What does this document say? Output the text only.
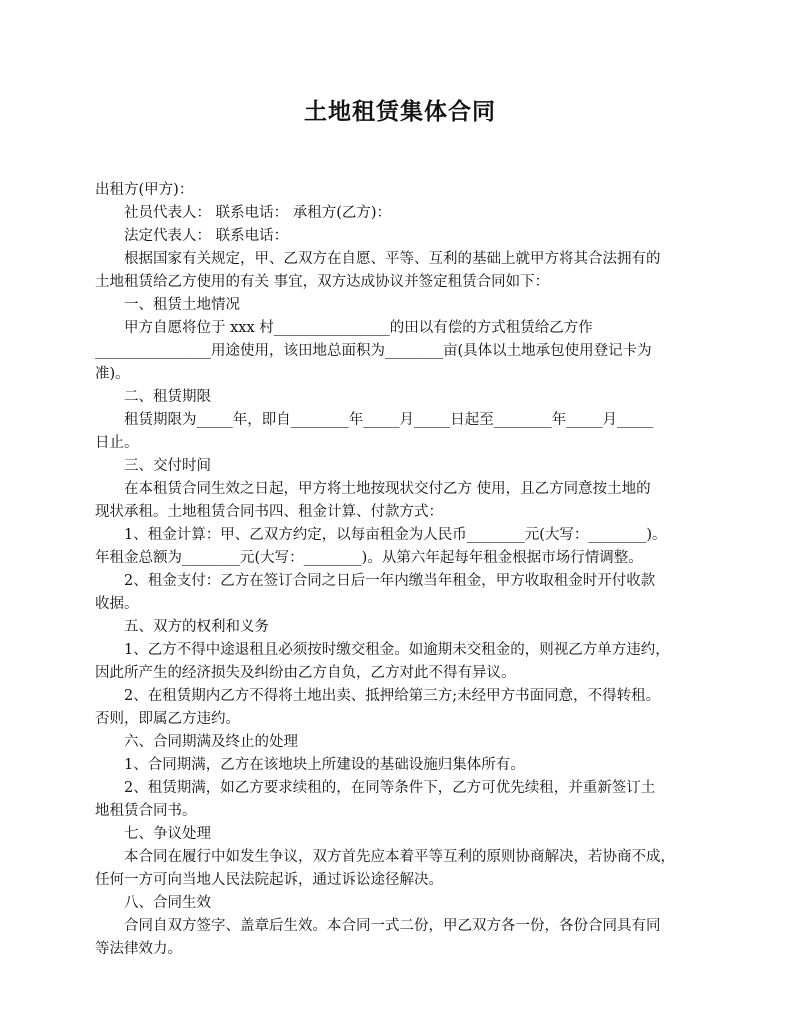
土地租赁集体合同
出租方(甲方)：
社员代表人： 联系电话： 承租方(乙方)：
法定代表人： 联系电话：
根据国家有关规定，甲、乙双方在自愿、平等、互利的基础上就甲方将其合法拥有的
土地租赁给乙方使用的有关 事宜，双方达成协议并签定租赁合同如下：
一、租赁土地情况
甲方自愿将位于 xxx 村________________的田以有偿的方式租赁给乙方作
________________用途使用，该田地总面积为________亩(具体以土地承包使用登记卡为
准)。
二、租赁期限
租赁期限为_____年，即自________年_____月_____日起至________年_____月_____
日止。
三、交付时间
在本租赁合同生效之日起，甲方将土地按现状交付乙方 使用，且乙方同意按土地的
现状承租。土地租赁合同书四、租金计算、付款方式：
1、租金计算：甲、乙双方约定，以每亩租金为人民币________元(大写：________)。
年租金总额为________元(大写：________)。从第六年起每年租金根据市场行情调整。
2、租金支付：乙方在签订合同之日后一年内缴当年租金，甲方收取租金时开付收款
收据。
五、双方的权利和义务
1、乙方不得中途退租且必须按时缴交租金。如逾期未交租金的，则视乙方单方违约，
因此所产生的经济损失及纠纷由乙方自负，乙方对此不得有异议。
2、在租赁期内乙方不得将土地出卖、抵押给第三方;未经甲方书面同意，不得转租。
否则，即属乙方违约。
六、合同期满及终止的处理
1、合同期满，乙方在该地块上所建设的基础设施归集体所有。
2、租赁期满，如乙方要求续租的，在同等条件下，乙方可优先续租，并重新签订土
地租赁合同书。
七、争议处理
本合同在履行中如发生争议，双方首先应本着平等互利的原则协商解决，若协商不成，
任何一方可向当地人民法院起诉，通过诉讼途径解决。
八、合同生效
合同自双方签字、盖章后生效。本合同一式二份，甲乙双方各一份，各份合同具有同
等法律效力。
